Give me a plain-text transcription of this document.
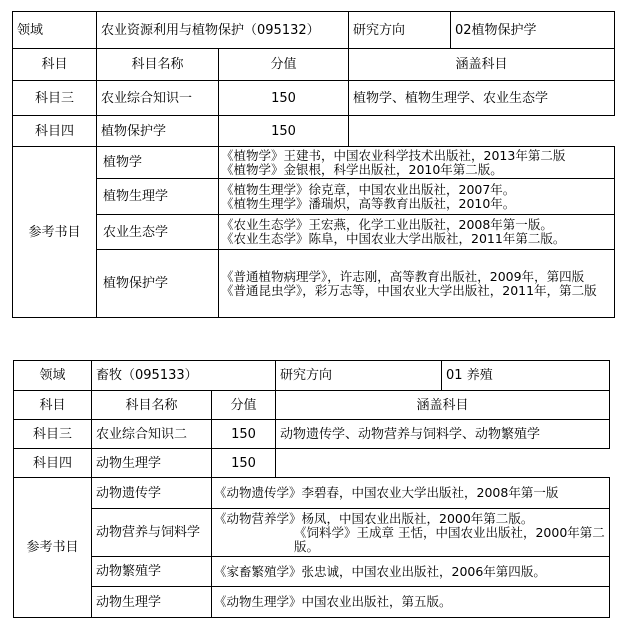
领域	农业资源利用与植物保护（095132）		研究方向	02植物保护学
科目	科目名称	分值	涵盖科目	
科目三	农业综合知识一	150	植物学、植物生理学、农业生态学	
科目四	植物保护学	150		
参考书目	植物学	《植物学》王建书，中国农业科学技术出版社，2013年第二版
《植物学》金银根，科学出版社，2010年第二版。		

	植物生理学	《植物生理学》徐克章，中国农业出版社，2007年。
《植物生理学》潘瑞炽，高等教育出版社，2010年。		

	农业生态学	《农业生态学》王宏燕，化学工业出版社，2008年第一版。
《农业生态学》陈阜，中国农业大学出版社，2011年第二版。		

	植物保护学	《普通植物病理学》，许志刚，高等教育出版社，2009年，第四版
《普通昆虫学》，彩万志等，中国农业大学出版社，2011年，第二版		
领域	畜牧（095133）		研究方向	01 养殖
科目	科目名称	分值	涵盖科目	
科目三	农业综合知识二	150	动物遗传学、动物营养与饲料学、动物繁殖学	
科目四	动物生理学	150		
参考书目	动物遗传学	《动物遗传学》李碧春，中国农业大学出版社，2008年第一版		

	动物营养与饲料学	《动物营养学》杨凤，中国农业出版社，2000年第二版。
《饲料学》王成章 王恬，中国农业出版社，2000年第二版。		

	动物繁殖学	《家畜繁殖学》张忠诚，中国农业出版社，2006年第四版。		

	动物生理学	《动物生理学》中国农业出版社，第五版。		
